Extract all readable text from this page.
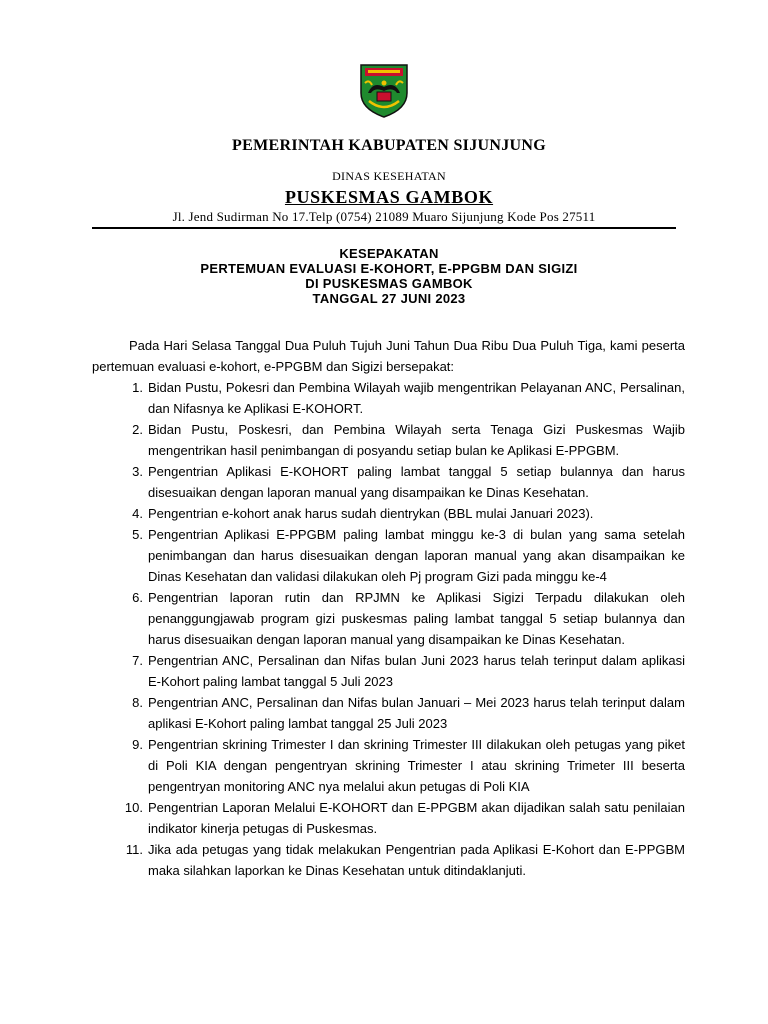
PEMERINTAH KABUPATEN SIJUNJUNG
DINAS KESEHATAN
PUSKESMAS GAMBOK
Jl. Jend Sudirman No 17.Telp (0754) 21089 Muaro Sijunjung Kode Pos 27511
KESEPAKATAN
PERTEMUAN EVALUASI E-KOHORT, E-PPGBM DAN SIGIZI
DI PUSKESMAS GAMBOK
TANGGAL 27 JUNI 2023

Pada Hari Selasa Tanggal Dua Puluh Tujuh Juni Tahun Dua Ribu Dua Puluh Tiga, kami peserta pertemuan evaluasi e-kohort, e-PPGBM dan Sigizi bersepakat:

1. Bidan Pustu, Pokesri dan Pembina Wilayah wajib mengentrikan Pelayanan ANC, Persalinan, dan Nifasnya ke Aplikasi E-KOHORT.
2. Bidan Pustu, Poskesri, dan Pembina Wilayah serta Tenaga Gizi Puskesmas Wajib mengentrikan hasil penimbangan di posyandu setiap bulan ke Aplikasi E-PPGBM.
3. Pengentrian Aplikasi E-KOHORT paling lambat tanggal 5 setiap bulannya dan harus disesuaikan dengan laporan manual yang disampaikan ke Dinas Kesehatan.
4. Pengentrian e-kohort anak harus sudah dientrykan (BBL mulai Januari 2023).
5. Pengentrian Aplikasi E-PPGBM paling lambat minggu ke-3 di bulan yang sama setelah penimbangan dan harus disesuaikan dengan laporan manual yang akan disampaikan ke Dinas Kesehatan dan validasi dilakukan oleh Pj program Gizi pada minggu ke-4
6. Pengentrian laporan rutin dan RPJMN ke Aplikasi Sigizi Terpadu dilakukan oleh penanggungjawab program gizi puskesmas paling lambat tanggal 5 setiap bulannya dan harus disesuaikan dengan laporan manual yang disampaikan ke Dinas Kesehatan.
7. Pengentrian ANC, Persalinan dan Nifas bulan Juni 2023 harus telah terinput dalam aplikasi E-Kohort paling lambat tanggal 5 Juli 2023
8. Pengentrian ANC, Persalinan dan Nifas bulan Januari – Mei 2023 harus telah terinput dalam aplikasi E-Kohort paling lambat tanggal 25 Juli 2023
9. Pengentrian skrining Trimester I dan skrining Trimester III dilakukan oleh petugas yang piket di Poli KIA dengan pengentryan skrining Trimester I atau skrining Trimeter III beserta pengentryan monitoring ANC nya melalui akun petugas di Poli KIA
10. Pengentrian Laporan Melalui E-KOHORT dan E-PPGBM akan dijadikan salah satu penilaian indikator kinerja petugas di Puskesmas.
11. Jika ada petugas yang tidak melakukan Pengentrian pada Aplikasi E-Kohort dan E-PPGBM maka silahkan laporkan ke Dinas Kesehatan untuk ditindaklanjuti.
